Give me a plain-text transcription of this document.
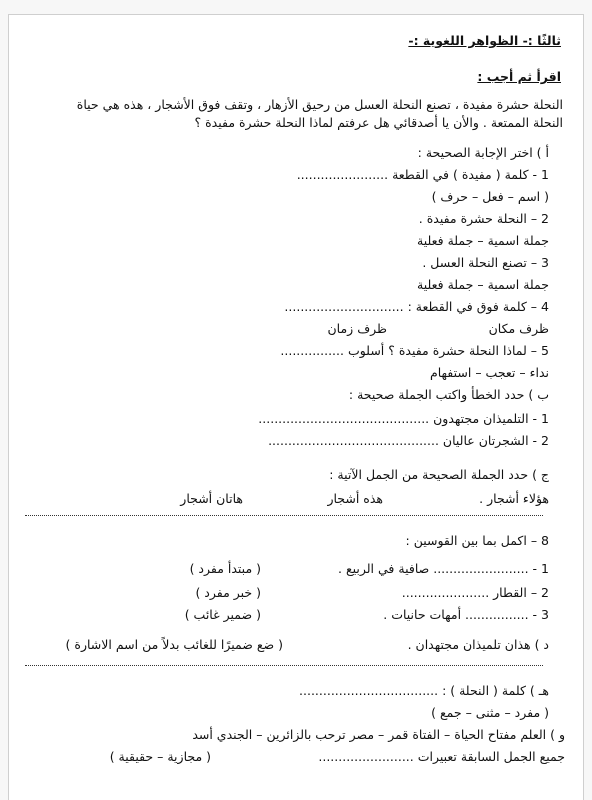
ثالثًا :- الظواهر اللغوية :-
اقرأ ثم أجب :
النحلة حشرة مفيدة ، تصنع النحلة العسل من رحيق الأزهار ، وتقف فوق الأشجار ، هذه هي حياة
النحلة الممتعة . والأن يا أصدقائي هل عرفتم لماذا النحلة حشرة مفيدة ؟
أ ) اختر الإجابة الصحيحة :
1 - كلمة ( مفيدة ) في القطعة .......................
( اسم – فعل – حرف )
2 – النحلة حشرة مفيدة .
جملة اسمية – جملة فعلية
3 – تصنع النحلة العسل .
جملة اسمية – جملة فعلية
4 – كلمة فوق في القطعة : ..............................
ظرف مكان
ظرف زمان
5 – لماذا النحلة حشرة مفيدة ؟ أسلوب ................
نداء – تعجب – استفهام
ب ) حدد الخطأ واكتب الجملة صحيحة :
1 - التلميذان مجتهدون ...........................................
2 - الشجرتان عاليان ...........................................
ج ) حدد الجملة الصحيحة من الجمل الآتية :
هؤلاء أشجار .
هذه أشجار
هاتان أشجار
8 – اكمل بما بين القوسين :
1 - ........................ صافية في الربيع .
( مبتدأ مفرد )
2 – القطار ......................
( خبر مفرد )
3 - ................ أمهات حانيات .
( ضمير غائب )
د ) هذان تلميذان مجتهدان .
( ضع ضميرًا للغائب بدلاً من اسم الاشارة )
هـ ) كلمة ( النحلة ) : ...................................
( مفرد – مثنى – جمع )
و ) العلم مفتاح الحياة – الفتاة قمر – مصر ترحب بالزائرين – الجندي أسد
جميع الجمل السابقة تعبيرات ........................
( مجازية – حقيقية )
